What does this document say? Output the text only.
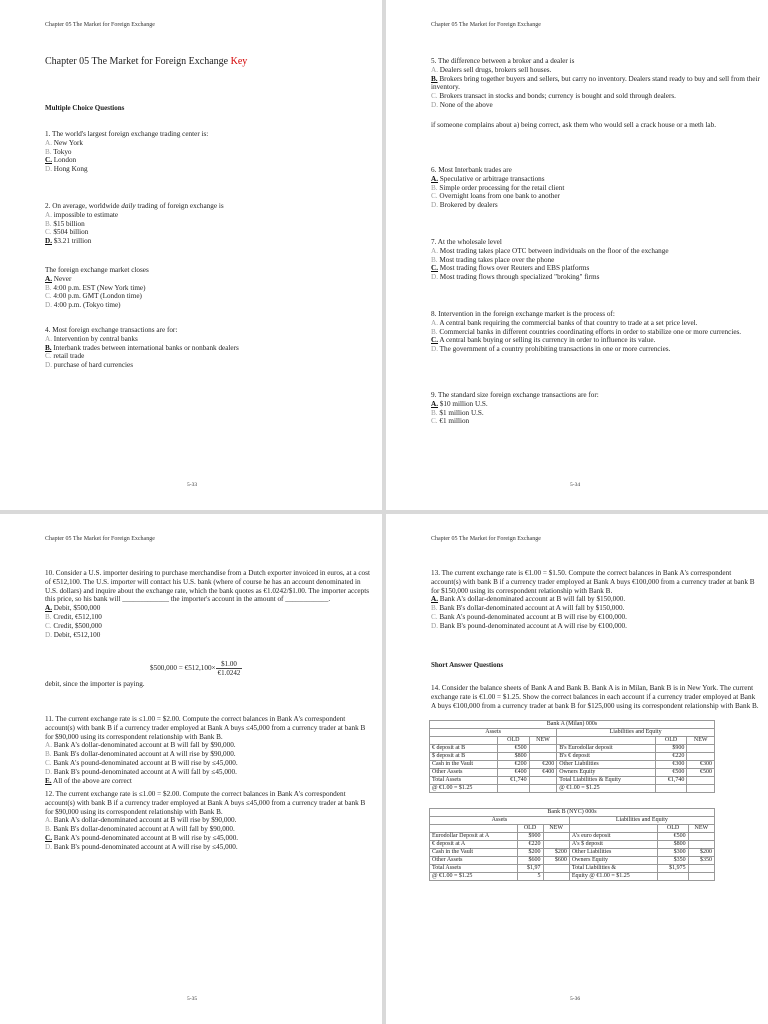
Chapter 05 The Market for Foreign Exchange
Chapter 05 The Market for Foreign Exchange Key
Multiple Choice Questions

1. The world's largest foreign exchange trading center is:

A. New York

B. Tokyo

C. London

D. Hong Kong

2. On average, worldwide daily trading of foreign exchange is

A. impossible to estimate

B. $15 billion

C. $504 billion

D. $3.21 trillion

The foreign exchange market closes

A. Never

B. 4:00 p.m. EST (New York time)

C. 4:00 p.m. GMT (London time)

D. 4:00 p.m. (Tokyo time)

4. Most foreign exchange transactions are for:

A. Intervention by central banks

B. Interbank trades between international banks or nonbank dealers

C. retail trade

D. purchase of hard currencies

5-33
Chapter 05 The Market for Foreign Exchange

5. The difference between a broker and a dealer is

A. Dealers sell drugs, brokers sell houses.

B. Brokers bring together buyers and sellers, but carry no inventory. Dealers stand ready to buy and sell from their inventory.

C. Brokers transact in stocks and bonds; currency is bought and sold through dealers.

D. None of the above

if someone complains about a) being correct, ask them who would sell a crack house or a meth lab.

6. Most Interbank trades are

A. Speculative or arbitrage transactions

B. Simple order processing for the retail client

C. Overnight loans from one bank to another

D. Brokered by dealers

7. At the wholesale level

A. Most trading takes place OTC between individuals on the floor of the exchange

B. Most trading takes place over the phone

C. Most trading flows over Reuters and EBS platforms

D. Most trading flows through specialized "broking" firms

8. Intervention in the foreign exchange market is the process of:

A. A central bank requiring the commercial banks of that country to trade at a set price level.

B. Commercial banks in different countries coordinating efforts in order to stabilize one or more currencies.

C. A central bank buying or selling its currency in order to influence its value.

D. The government of a country prohibiting transactions in one or more currencies.

9. The standard size foreign exchange transactions are for:

A. $10 million U.S.

B. $1 million U.S.

C. €1 million

5-34
Chapter 05 The Market for Foreign Exchange

10. Consider a U.S. importer desiring to purchase merchandise from a Dutch exporter invoiced in euros, at a cost of €512,100. The U.S. importer will contact his U.S. bank (where of course he has an account denominated in U.S. dollars) and inquire about the exchange rate, which the bank quotes as €1.0242/$1.00. The importer accepts this price, so his bank will _____________ the importer's account in the amount of ____________.

A. Debit, $500,000

B. Credit, €512,100

C. Credit, $500,000

D. Debit, €512,100

$500,000 = €512,100× $\frac{\$1.00}{€1.0242}$
debit, since the importer is paying.

11. The current exchange rate is ≤1.00 = $2.00. Compute the correct balances in Bank A's correspondent account(s) with bank B if a currency trader employed at Bank A buys ≤45,000 from a currency trader at bank B for $90,000 using its correspondent relationship with Bank B.

A. Bank A's dollar-denominated account at B will fall by $90,000.

B. Bank B's dollar-denominated account at A will rise by $90,000.

C. Bank A's pound-denominated account at B will rise by ≤45,000.

D. Bank B's pound-denominated account at A will fall by ≤45,000.

E. All of the above are correct

12. The current exchange rate is ≤1.00 = $2.00. Compute the correct balances in Bank A's correspondent account(s) with bank B if a currency trader employed at Bank A buys ≤45,000 from a currency trader at bank B for $90,000 using its correspondent relationship with Bank B.

A. Bank A's dollar-denominated account at B will rise by $90,000.

B. Bank B's dollar-denominated account at A will fall by $90,000.

C. Bank A's pound-denominated account at B will rise by ≤45,000.

D. Bank B's pound-denominated account at A will rise by ≤45,000.

5-35
Chapter 05 The Market for Foreign Exchange

13. The current exchange rate is €1.00 = $1.50. Compute the correct balances in Bank A's correspondent account(s) with bank B if a currency trader employed at Bank A buys €100,000 from a currency trader at bank B for $150,000 using its correspondent relationship with Bank B.

A. Bank A's dollar-denominated account at B will fall by $150,000.

B. Bank B's dollar-denominated account at A will fall by $150,000.

C. Bank A's pound-denominated account at B will rise by €100,000.

D. Bank B's pound-denominated account at A will rise by €100,000.

Short Answer Questions
14. Consider the balance sheets of Bank A and Bank B. Bank A is in Milan, Bank B is in New York. The current exchange rate is €1.00 = $1.25. Show the correct balances in each account if a currency trader employed at Bank A buys €100,000 from a currency trader at bank B for $125,000 using its correspondent relationship with Bank B.
Bank A (Milan) 000s					
Assets			Liabilities and Equity		
	OLD	NEW		OLD	NEW
€ deposit at B	€500		B's Eurodollar deposit	$900	
$ deposit at B	$800		B's € deposit	€220	
Cash in the Vault	€200	€200	Other Liabilities	€300	€300
Other Assets	€400	€400	Owners Equity	€500	€500
Total Assets	€1,740		Total Liabilities & Equity	€1,740	
@ €1.00 = $1.25			@ €1.00 = $1.25		
Bank B (NYC) 000s					
Assets			Liabilities and Equity		
	OLD	NEW		OLD	NEW
Eurodollar Deposit at A	$900		A's euro deposit	€500	
€ deposit at A	€220		A's $ deposit	$800	
Cash in the Vault	$200	$200	Other Liabilities	$300	$200
Other Assets	$600	$600	Owners Equity	$350	$350
Total Assets	$1,97		Total Liabilities &	$1,975	
@ €1.00 = $1.25	5		Equity @ €1.00 = $1.25		
5-36
